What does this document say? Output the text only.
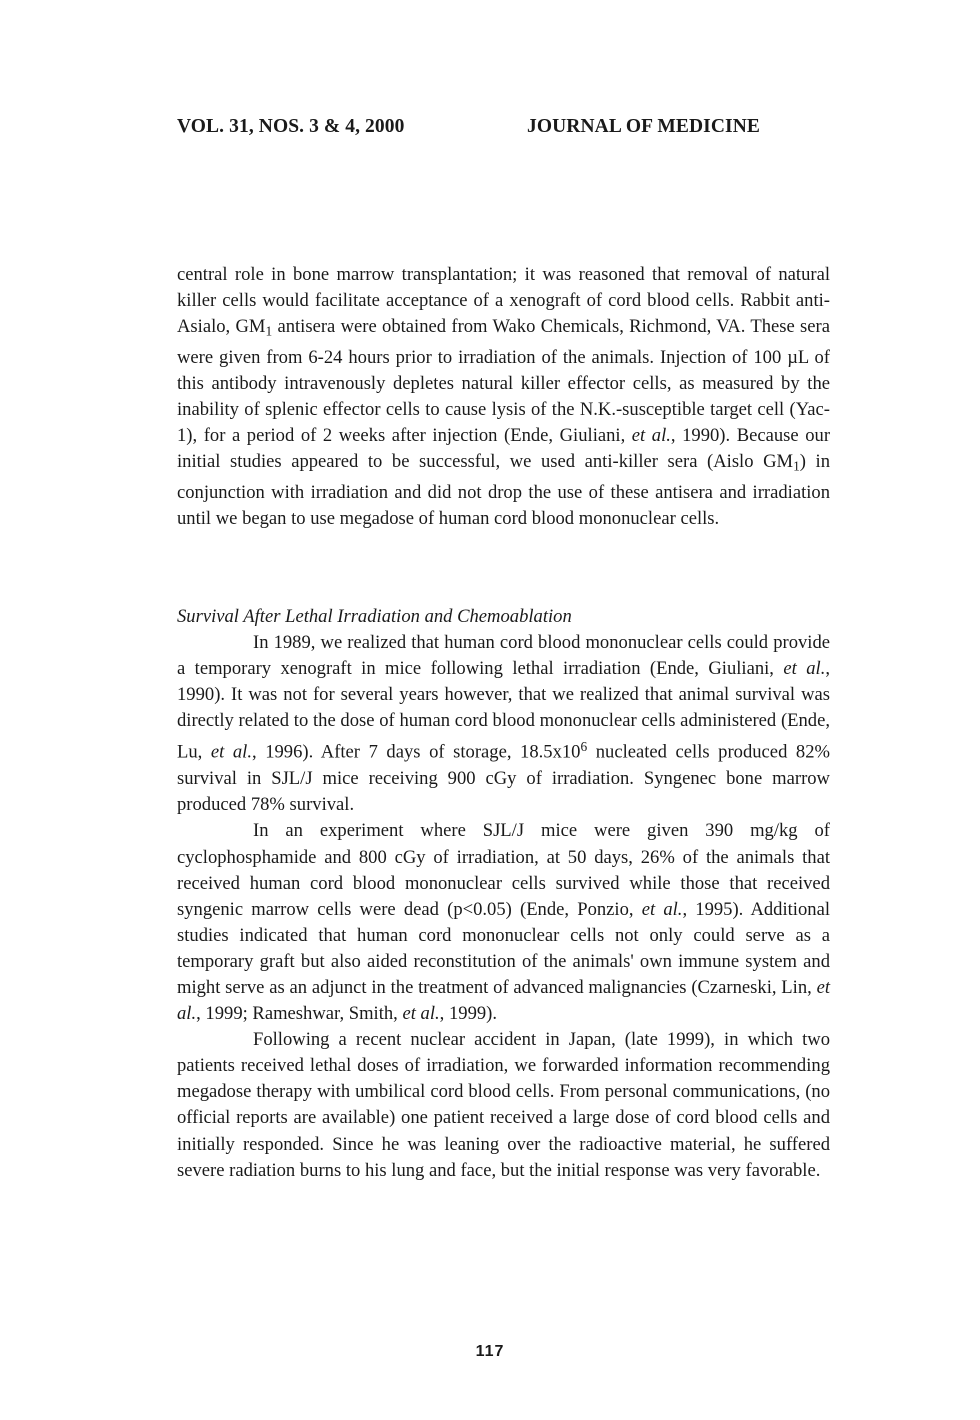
VOL. 31, NOS. 3 & 4, 2000	JOURNAL OF MEDICINE

central role in bone marrow transplantation; it was reasoned that removal of natural killer cells would facilitate acceptance of a xenograft of cord blood cells. Rabbit anti-Asialo, $GM_1$ antisera were obtained from Wako Chemicals, Richmond, VA. These sera were given from 6-24 hours prior to irradiation of the animals. Injection of 100 µL of this antibody intravenously depletes natural killer effector cells, as measured by the inability of splenic effector cells to cause lysis of the N.K.-susceptible target cell (Yac-1), for a period of 2 weeks after injection (Ende, Giuliani, et al., 1990). Because our initial studies appeared to be successful, we used anti-killer sera (Aislo $GM_1$) in conjunction with irradiation and did not drop the use of these antisera and irradiation until we began to use megadose of human cord blood mononuclear cells.

Survival After Lethal Irradiation and Chemoablation

In 1989, we realized that human cord blood mononuclear cells could provide a temporary xenograft in mice following lethal irradiation (Ende, Giuliani, et al., 1990). It was not for several years however, that we realized that animal survival was directly related to the dose of human cord blood mononuclear cells administered (Ende, Lu, et al., 1996). After 7 days of storage, $18.5x10^6$ nucleated cells produced 82% survival in SJL/J mice receiving 900 cGy of irradiation. Syngenec bone marrow produced 78% survival.

In an experiment where SJL/J mice were given 390 mg/kg of cyclophosphamide and 800 cGy of irradiation, at 50 days, 26% of the animals that received human cord blood mononuclear cells survived while those that received syngenic marrow cells were dead (p<0.05) (Ende, Ponzio, et al., 1995). Additional studies indicated that human cord mononuclear cells not only could serve as a temporary graft but also aided reconstitution of the animals' own immune system and might serve as an adjunct in the treatment of advanced malignancies (Czarneski, Lin, et al., 1999; Rameshwar, Smith, et al., 1999).

Following a recent nuclear accident in Japan, (late 1999), in which two patients received lethal doses of irradiation, we forwarded information recommending megadose therapy with umbilical cord blood cells. From personal communications, (no official reports are available) one patient received a large dose of cord blood cells and initially responded. Since he was leaning over the radioactive material, he suffered severe radiation burns to his lung and face, but the initial response was very favorable.

117
